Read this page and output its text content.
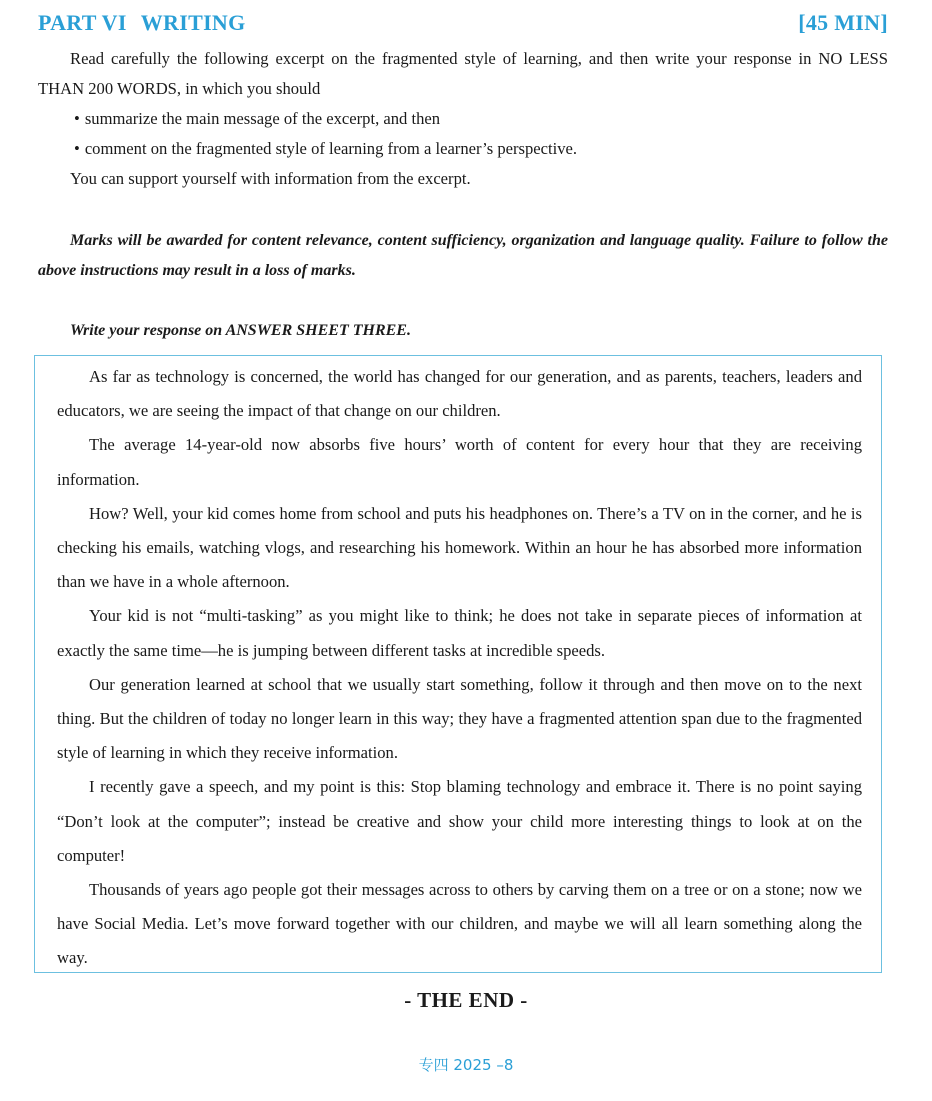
PART VI WRITING	[45 MIN]

Read carefully the following excerpt on the fragmented style of learning, and then write your response in NO LESS THAN 200 WORDS, in which you should

• summarize the main message of the excerpt, and then
• comment on the fragmented style of learning from a learner’s perspective.

You can support yourself with information from the excerpt.

Marks will be awarded for content relevance, content sufficiency, organization and language quality. Failure to follow the above instructions may result in a loss of marks.

Write your response on ANSWER SHEET THREE.

As far as technology is concerned, the world has changed for our generation, and as parents, teachers, leaders and educators, we are seeing the impact of that change on our children.

The average 14-year-old now absorbs five hours’ worth of content for every hour that they are receiving information.

How? Well, your kid comes home from school and puts his headphones on. There’s a TV on in the corner, and he is checking his emails, watching vlogs, and researching his homework. Within an hour he has absorbed more information than we have in a whole afternoon.

Your kid is not “multi-tasking” as you might like to think; he does not take in separate pieces of information at exactly the same time—he is jumping between different tasks at incredible speeds.

Our generation learned at school that we usually start something, follow it through and then move on to the next thing. But the children of today no longer learn in this way; they have a fragmented attention span due to the fragmented style of learning in which they receive information.

I recently gave a speech, and my point is this: Stop blaming technology and embrace it. There is no point saying “Don’t look at the computer”; instead be creative and show your child more interesting things to look at on the computer!

Thousands of years ago people got their messages across to others by carving them on a tree or on a stone; now we have Social Media. Let’s move forward together with our children, and maybe we will all learn something along the way.

- THE END -
专四 2025 –8
